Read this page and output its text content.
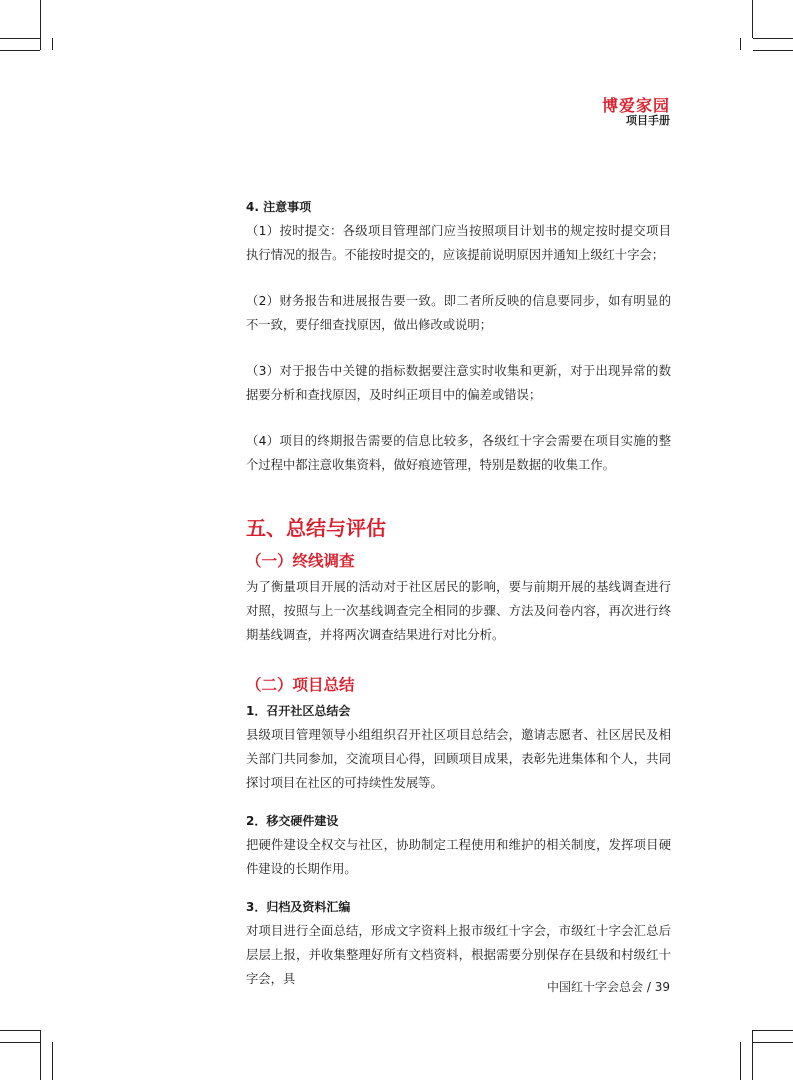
博爱家园
项目手册

4. 注意事项

（1）按时提交：各级项目管理部门应当按照项目计划书的规定按时提交项目执行情况的报告。不能按时提交的，应该提前说明原因并通知上级红十字会；

（2）财务报告和进展报告要一致。即二者所反映的信息要同步，如有明显的不一致，要仔细查找原因，做出修改或说明；

（3）对于报告中关键的指标数据要注意实时收集和更新，对于出现异常的数据要分析和查找原因，及时纠正项目中的偏差或错误；

（4）项目的终期报告需要的信息比较多，各级红十字会需要在项目实施的整个过程中都注意收集资料，做好痕迹管理，特别是数据的收集工作。

五、总结与评估

（一）终线调查

为了衡量项目开展的活动对于社区居民的影响，要与前期开展的基线调查进行对照，按照与上一次基线调查完全相同的步骤、方法及问卷内容，再次进行终期基线调查，并将两次调查结果进行对比分析。

（二）项目总结

1．召开社区总结会

县级项目管理领导小组组织召开社区项目总结会，邀请志愿者、社区居民及相关部门共同参加，交流项目心得，回顾项目成果，表彰先进集体和个人，共同探讨项目在社区的可持续性发展等。

2．移交硬件建设

把硬件建设全权交与社区，协助制定工程使用和维护的相关制度，发挥项目硬件建设的长期作用。

3．归档及资料汇编

对项目进行全面总结，形成文字资料上报市级红十字会，市级红十字会汇总后层层上报，并收集整理好所有文档资料，根据需要分别保存在县级和村级红十字会，具

中国红十字会总会 / 39
